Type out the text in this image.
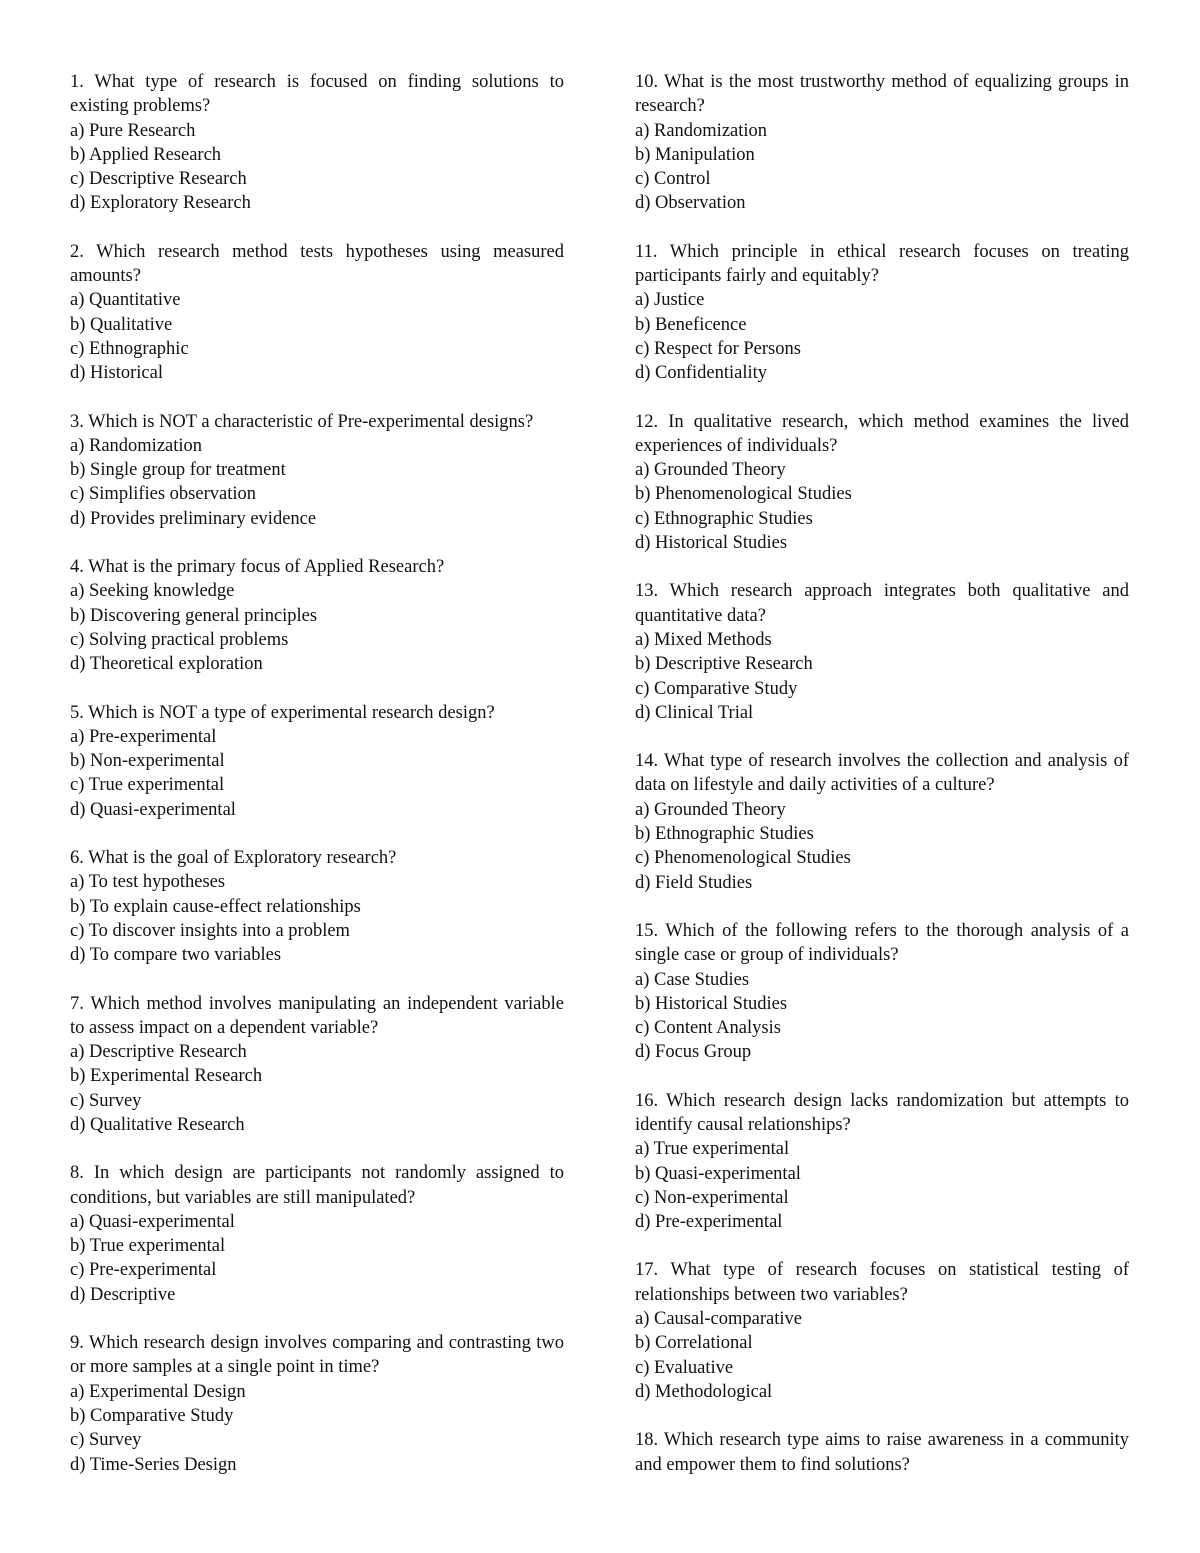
1. What type of research is focused on finding solutions to existing problems?

a) Pure Research

b) Applied Research

c) Descriptive Research

d) Exploratory Research

2. Which research method tests hypotheses using measured amounts?

a) Quantitative

b) Qualitative

c) Ethnographic

d) Historical

3. Which is NOT a characteristic of Pre-experimental designs?

a) Randomization

b) Single group for treatment

c) Simplifies observation

d) Provides preliminary evidence

4. What is the primary focus of Applied Research?

a) Seeking knowledge

b) Discovering general principles

c) Solving practical problems

d) Theoretical exploration

5. Which is NOT a type of experimental research design?

a) Pre-experimental

b) Non-experimental

c) True experimental

d) Quasi-experimental

6. What is the goal of Exploratory research?

a) To test hypotheses

b) To explain cause-effect relationships

c) To discover insights into a problem

d) To compare two variables

7. Which method involves manipulating an independent variable to assess impact on a dependent variable?

a) Descriptive Research

b) Experimental Research

c) Survey

d) Qualitative Research

8. In which design are participants not randomly assigned to conditions, but variables are still manipulated?

a) Quasi-experimental

b) True experimental

c) Pre-experimental

d) Descriptive

9. Which research design involves comparing and contrasting two or more samples at a single point in time?

a) Experimental Design

b) Comparative Study

c) Survey

d) Time-Series Design

10. What is the most trustworthy method of equalizing groups in research?

a) Randomization

b) Manipulation

c) Control

d) Observation

11. Which principle in ethical research focuses on treating participants fairly and equitably?

a) Justice

b) Beneficence

c) Respect for Persons

d) Confidentiality

12. In qualitative research, which method examines the lived experiences of individuals?

a) Grounded Theory

b) Phenomenological Studies

c) Ethnographic Studies

d) Historical Studies

13. Which research approach integrates both qualitative and quantitative data?

a) Mixed Methods

b) Descriptive Research

c) Comparative Study

d) Clinical Trial

14. What type of research involves the collection and analysis of data on lifestyle and daily activities of a culture?

a) Grounded Theory

b) Ethnographic Studies

c) Phenomenological Studies

d) Field Studies

15. Which of the following refers to the thorough analysis of a single case or group of individuals?

a) Case Studies

b) Historical Studies

c) Content Analysis

d) Focus Group

16. Which research design lacks randomization but attempts to identify causal relationships?

a) True experimental

b) Quasi-experimental

c) Non-experimental

d) Pre-experimental

17. What type of research focuses on statistical testing of relationships between two variables?

a) Causal-comparative

b) Correlational

c) Evaluative

d) Methodological

18. Which research type aims to raise awareness in a community and empower them to find solutions?
